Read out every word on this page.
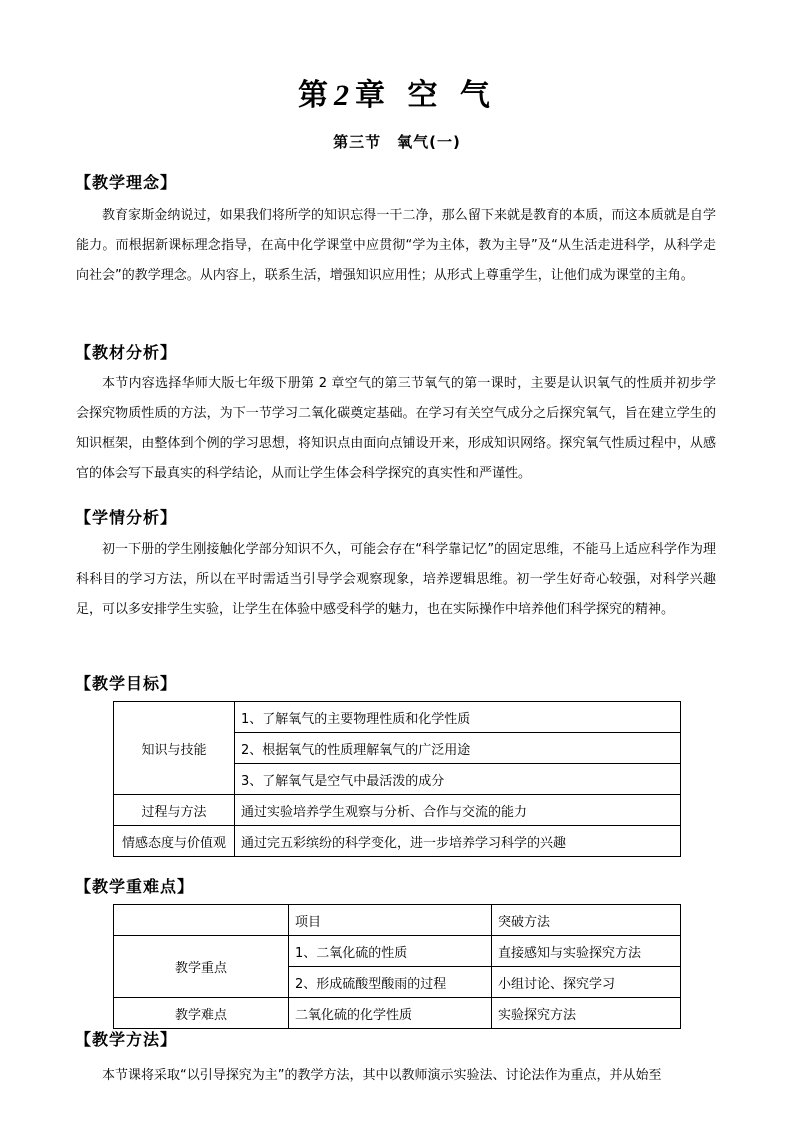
第2章 空 气
第三节 氧气(一)
【教学理念】
教育家斯金纳说过，如果我们将所学的知识忘得一干二净，那么留下来就是教育的本质，而这本质就是自学能力。而根据新课标理念指导，在高中化学课堂中应贯彻“学为主体，教为主导”及“从生活走进科学，从科学走向社会”的教学理念。从内容上，联系生活，增强知识应用性；从形式上尊重学生，让他们成为课堂的主角。
【教材分析】
本节内容选择华师大版七年级下册第 2 章空气的第三节氧气的第一课时，主要是认识氧气的性质并初步学会探究物质性质的方法，为下一节学习二氧化碳奠定基础。在学习有关空气成分之后探究氧气，旨在建立学生的知识框架，由整体到个例的学习思想，将知识点由面向点铺设开来，形成知识网络。探究氧气性质过程中，从感官的体会写下最真实的科学结论，从而让学生体会科学探究的真实性和严谨性。
【学情分析】
初一下册的学生刚接触化学部分知识不久，可能会存在“科学靠记忆”的固定思维，不能马上适应科学作为理科科目的学习方法，所以在平时需适当引导学会观察现象，培养逻辑思维。初一学生好奇心较强，对科学兴趣足，可以多安排学生实验，让学生在体验中感受科学的魅力，也在实际操作中培养他们科学探究的精神。
【教学目标】
知识与技能	1、了解氧气的主要物理性质和化学性质
	2、根据氧气的性质理解氧气的广泛用途
	3、了解氧气是空气中最活泼的成分
过程与方法	通过实验培养学生观察与分析、合作与交流的能力
情感态度与价值观	通过完五彩缤纷的科学变化，进一步培养学习科学的兴趣
【教学重难点】
	项目	突破方法
教学重点	1、二氧化硫的性质	直接感知与实验探究方法
	2、形成硫酸型酸雨的过程	小组讨论、探究学习
教学难点	二氧化硫的化学性质	实验探究方法
【教学方法】
本节课将采取“以引导探究为主”的教学方法，其中以教师演示实验法、讨论法作为重点，并从始至
